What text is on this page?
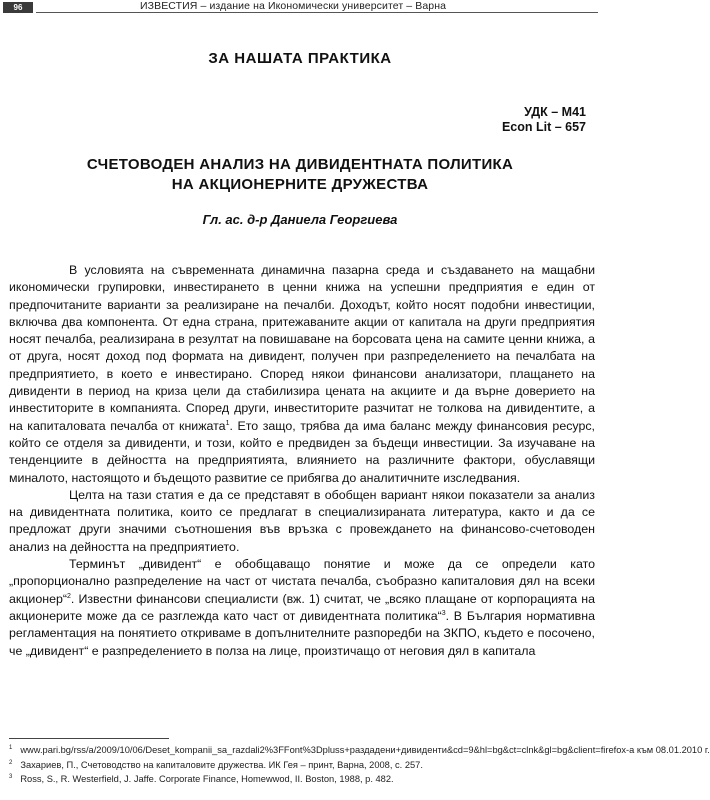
96	ИЗВЕСТИЯ – издание на Икономически университет – Варна
ЗА НАШАТА ПРАКТИКА
УДК – М41
Econ Lit – 657
СЧЕТОВОДЕН АНАЛИЗ НА ДИВИДЕНТНАТА ПОЛИТИКА
НА АКЦИОНЕРНИТЕ ДРУЖЕСТВА
Гл. ас. д-р Даниела Георгиева

В условията на съвременната динамична пазарна среда и създаването на мащабни икономически групировки, инвестирането в ценни книжа на успешни предприятия е един от предпочитаните варианти за реализиране на печалби. Доходът, който носят подобни инвестиции, включва два компонента. От една страна, притежаваните акции от капитала на други предприятия носят печалба, реализирана в резултат на повишаване на борсовата цена на самите ценни книжа, а от друга, носят доход под формата на дивидент, получен при разпределението на печалбата на предприятието, в което е инвестирано. Според някои финансови анализатори, плащането на дивиденти в период на криза цели да стабилизира цената на акциите и да върне доверието на инвеститорите в компанията. Според други, инвеститорите разчитат не толкова на дивидентите, а на капиталовата печалба от книжата$^1$. Ето защо, трябва да има баланс между финансовия ресурс, който се отделя за дивиденти, и този, който е предвиден за бъдещи инвестиции. За изучаване на тенденциите в дейността на предприятията, влиянието на различните фактори, обуславящи миналото, настоящото и бъдещото развитие се прибягва до аналитичните изследвания.

Целта на тази статия е да се представят в обобщен вариант някои показатели за анализ на дивидентната политика, които се предлагат в специализираната литература, както и да се предложат други значими съотношения във връзка с провеждането на финансово-счетоводен анализ на дейността на предприятието.

Терминът „дивидент“ е обобщаващо понятие и може да се определи като „пропорционално разпределение на част от чистата печалба, съобразно капиталовия дял на всеки акционер“$^2$. Известни финансови специалисти (вж. 1) считат, че „всяко плащане от корпорацията на акционерите може да се разглежда като част от дивидентната политика“$^3$. В България нормативна регламентация на понятието откриваме в допълнителните разпоредби на ЗКПО, където е посочено, че „дивидент“ е разпределението в полза на лице, произтичащо от неговия дял в капитала

$^1$ www.pari.bg/rss/a/2009/10/06/Deset_kompanii_sa_razdali2%3FFont%3Dpluss+раздадени+дивиденти&cd=9&hl=bg&ct=clnk&gl=bg&client=firefox-a към 08.01.2010 г.
$^2$ Захариев, П., Счетоводство на капиталовите дружества. ИК Гея – принт, Варна, 2008, с. 257.
$^3$ Ross, S., R. Westerfield, J. Jaffe. Corporate Finance, Homewwod, II. Boston, 1988, p. 482.
